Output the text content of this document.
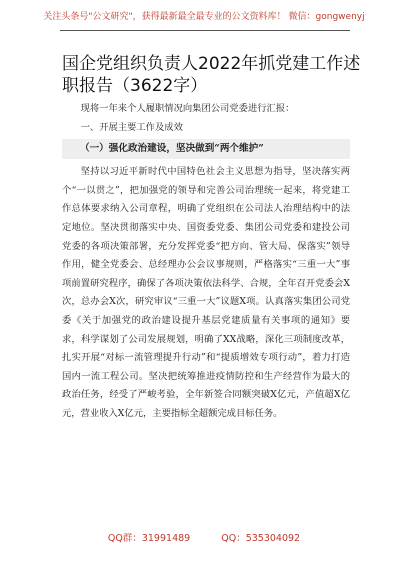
关注头条号"公文研究"，获得最新最全最专业的公文资料库！ 微信：gongwenyj
国企党组织负责人2022年抓党建工作述职报告（3622字）

现将一年来个人履职情况向集团公司党委进行汇报：

一、开展主要工作及成效

（一）强化政治建设，坚决做到“两个维护”

坚持以习近平新时代中国特色社会主义思想为指导，坚决落实两个“一以贯之”，把加强党的领导和完善公司治理统一起来，将党建工作总体要求纳入公司章程，明确了党组织在公司法人治理结构中的法定地位。坚决贯彻落实中央、国资委党委、集团公司党委和建投公司党委的各项决策部署，充分发挥党委“把方向、管大局、保落实”领导作用，健全党委会、总经理办公会议事规则，严格落实“三重一大”事项前置研究程序，确保了各项决策依法科学、合规，全年召开党委会X次，总办会X次，研究审议“三重一大”议题X项。认真落实集团公司党委《关于加强党的政治建设提升基层党建质量有关事项的通知》要求，科学谋划了公司发展规划，明确了XX战略，深化三项制度改革，扎实开展“对标一流管理提升行动”和“提质增效专项行动”，着力打造国内一流工程公司。坚决把统筹推进疫情防控和生产经营作为最大的政治任务，经受了严峻考验，全年新签合同额突破X亿元，产值超X亿元，营业收入X亿元，主要指标全超额完成目标任务。

QQ群：31991489	QQ：535304092
